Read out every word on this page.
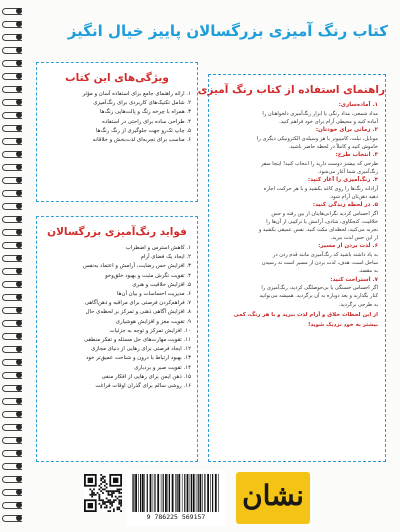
کتاب رنگ آمیزی بزرگسالان پاییز خیال انگیز
راهنمای استفاده از کتاب رنگ آمیزی
۱. آماده‌سازی:
مداد شمعی، مداد رنگی یا ابزار رنگ‌آمیزی دلخواهتان را
آماده کنید و محیطی آرام برای خود فراهم کنید.
۲. زمانی برای خودتان:
موبایل، تبلت، کامپیوتر یا هر وسیله‌ی الکترونیکی دیگری را
خاموش کنید و کاملاً در لحظه حاضر باشید.
۳. انتخاب طرح:
طرحی که بیشتر دوست دارید را انتخاب کنید! اینجا سفر
رنگ‌آمیزی شما آغاز می‌شود.
۴. رنگ‌آمیزی را آغاز کنید:
آزادانه رنگ‌ها را روی کاغذ بکشید و با هر حرکت، اجازه
دهید ذهن‌تان آرام شود.
۵. در لحظه زندگی کنید:
اگر احساس کردید نگرانی‌هایتان از بین رفته و حس
خلاقیت، کنجکاوی، شادی، آرامش یا ترکیبی از آن‌ها را
تجربه می‌کنید، لحظه‌ای مکث کنید. نفس عمیقی بکشید و
از این حس لذت ببرید.
۶. لذت بردن از مسیر:
به یاد داشته باشید که رنگ‌آمیزی مانند قدم زدن در
ساحل است، هدف، لذت بردن از مسیر است نه رسیدن
به مقصد.
۷. استراحت کنید:
اگر احساس خستگی یا بی‌حوصلگی کردید، رنگ‌آمیزی را
کنار بگذارید و بعد دوباره به آن برگردید. همیشه می‌توانید
به طرحی برگردید.
از این لحظات خلاق و آرام لذت ببرید و با هر رنگ، کمی
بیشتر به خود نزدیک شوید!
ویژگی‌های این کتاب
۱. ارائه راهنمای جامع برای استفاده آسان و مؤثر
۲. شامل تکنیک‌های کاربردی برای رنگ‌آمیزی
۳. همراه با چرخه رنگ و پالت‌هایی رنگ‌ها
۴. طراحی ساده برای راحتی در استفاده
۵. چاپ تک‌رو جهت جلوگیری از رنگ رنگ‌ها
۶. مناسب برای تجربه‌ای لذت‌بخش و خلاقانه
فواید رنگ‌آمیزی بزرگسالان
۱. کاهش استرس و اضطراب
۲. ایجاد یک فضای آرام
۳. افزایش حس رضایت، آرامش و اعتماد به‌نفس
۴. تقویت نگرش مثبت و بهبود خلق‌وخو
۵. افزایش خلاقیت و هنری
۶. مدیریت احساسات و بیان آن‌ها
۷. فراهم‌کردن فرصتی برای مراقبه و ذهن‌آگاهی
۸. افزایش آگاهی ذهنی و تمرکز بر لحظه‌ی حال
۹. تقویت مغز و افزایش هوشیاری
۱۰. افزایش تمرکز و توجه به جزئیات
۱۱. تقویت مهارت‌های حل مسئله و تفکر منطقی
۱۲. ایجاد فرصتی برای رهایی از دنیای مجازی
۱۳. بهبود ارتباط با درون و شناخت عمیق‌تر خود
۱۴. تقویت صبر و بردباری
۱۵. ذهن ایمن برای رهایی از افکار منفی
۱۶. روشی سالم برای گذران اوقات فراغت
9 786225 569157
نشان
